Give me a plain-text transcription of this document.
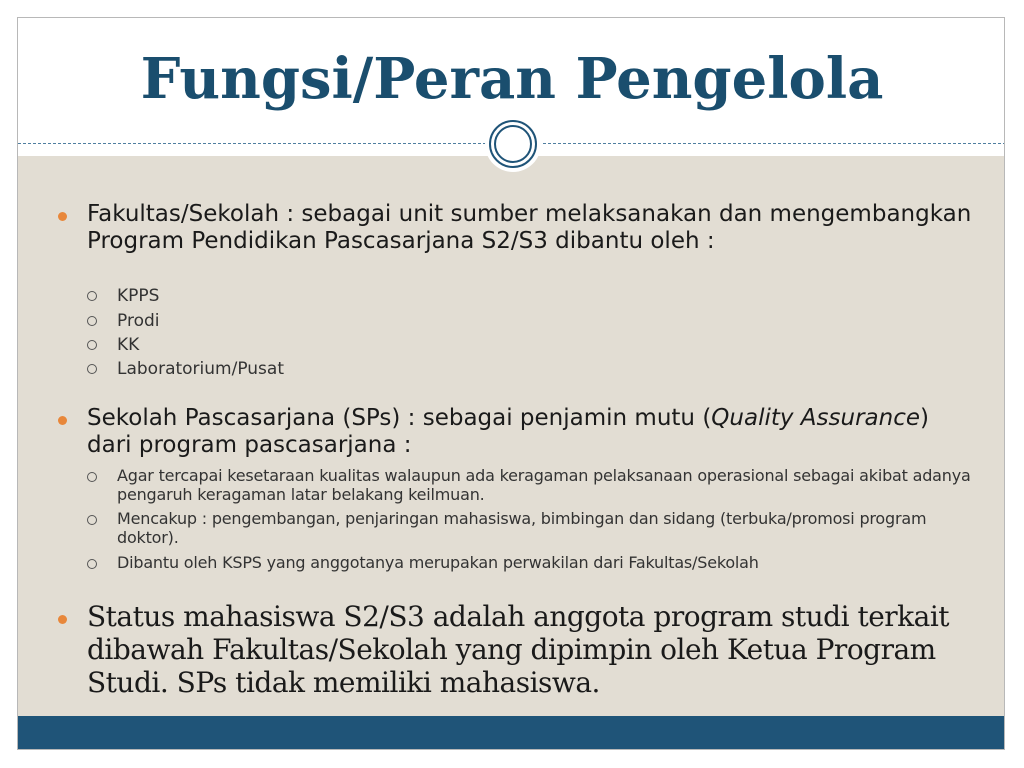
Fungsi/Peran Pengelola

Fakultas/Sekolah : sebagai unit sumber melaksanakan dan mengembangkan Program Pendidikan Pascasarjana S2/S3 dibantu oleh :

KPPS

Prodi

KK

Laboratorium/Pusat

Sekolah Pascasarjana (SPs) : sebagai penjamin mutu (Quality Assurance) dari program pascasarjana :

Agar tercapai kesetaraan kualitas walaupun ada keragaman pelaksanaan operasional sebagai akibat adanya pengaruh keragaman latar belakang keilmuan.

Mencakup : pengembangan, penjaringan mahasiswa, bimbingan dan sidang (terbuka/promosi program doktor).

Dibantu oleh KSPS yang anggotanya merupakan perwakilan dari Fakultas/Sekolah

Status mahasiswa S2/S3 adalah anggota program studi terkait dibawah Fakultas/Sekolah yang dipimpin oleh Ketua Program Studi. SPs tidak memiliki mahasiswa.
